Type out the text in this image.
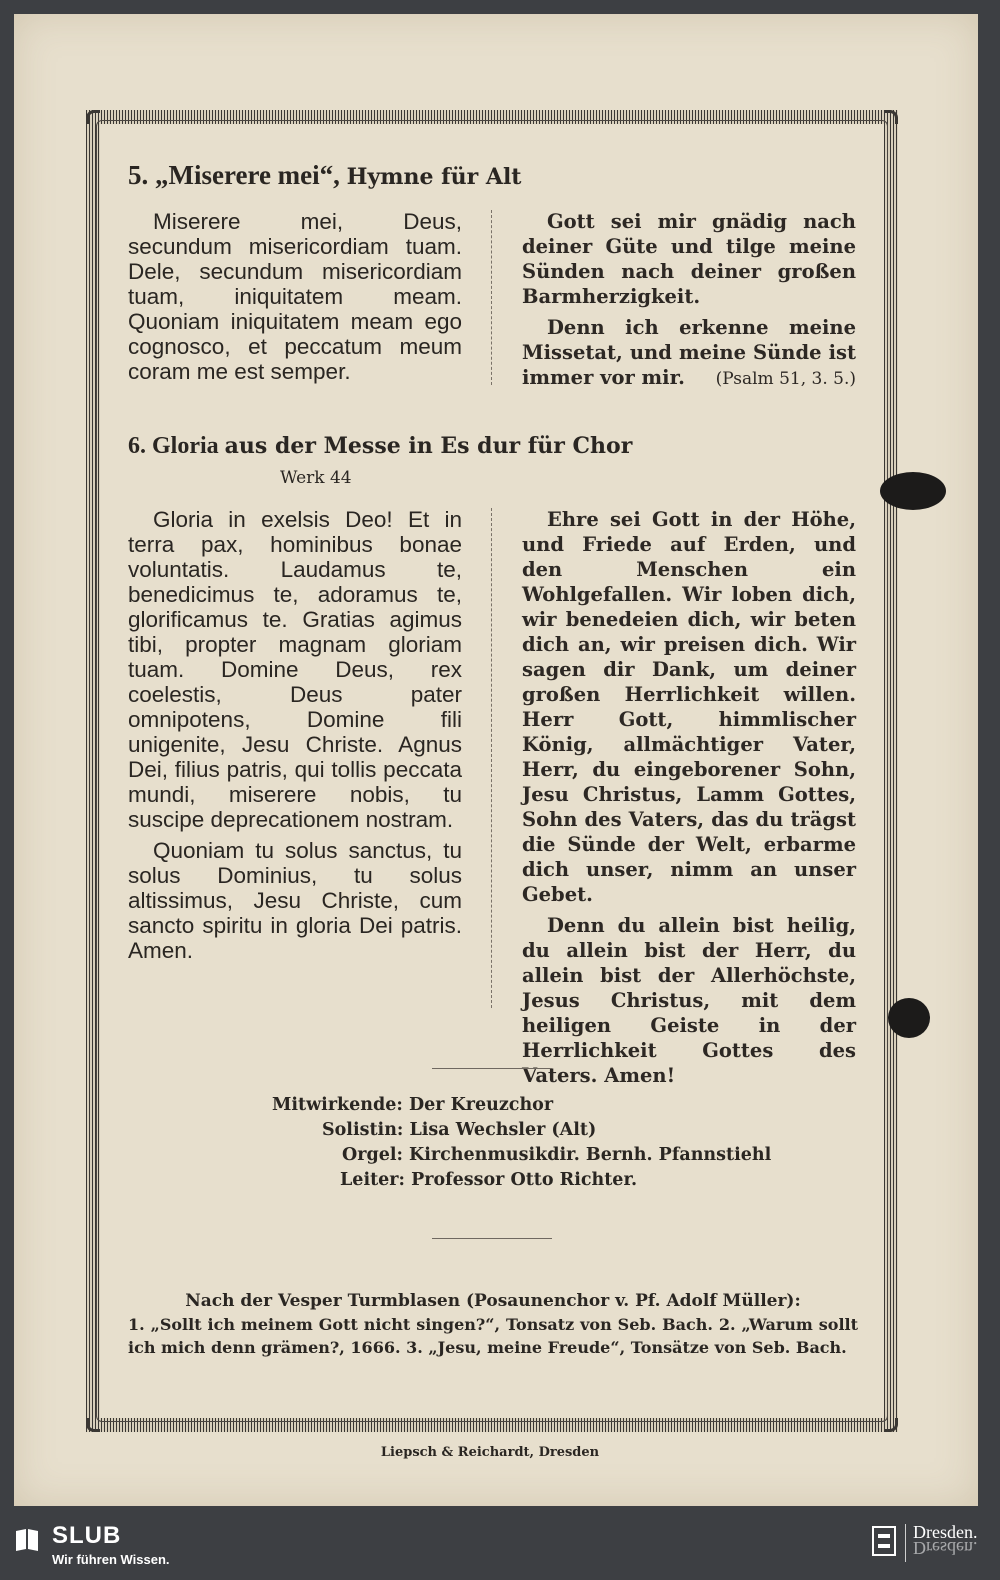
5. „Miserere mei“, Hymne für Alt

Miserere mei, Deus, secundum misericordiam tuam. Dele, secundum misericordiam tuam, iniquitatem meam. Quoniam iniquitatem meam ego cognosco, et peccatum meum coram me est semper.

Gott sei mir gnädig nach deiner Güte und tilge meine Sünden nach deiner großen Barmherzigkeit.

Denn ich erkenne meine Missetat, und meine Sünde ist immer vor mir.	(Psalm 51, 3. 5.)

6. Gloria aus der Messe in Es dur für Chor
Werk 44

Gloria in exelsis Deo! Et in terra pax, hominibus bonae voluntatis. Laudamus te, benedicimus te, adoramus te, glorificamus te. Gratias agimus tibi, propter magnam gloriam tuam. Domine Deus, rex coelestis, Deus pater omnipotens, Domine fili unigenite, Jesu Christe. Agnus Dei, filius patris, qui tollis peccata mundi, miserere nobis, tu suscipe deprecationem nostram.

Quoniam tu solus sanctus, tu solus Dominius, tu solus altissimus, Jesu Christe, cum sancto spiritu in gloria Dei patris. Amen.

Ehre sei Gott in der Höhe, und Friede auf Erden, und den Menschen ein Wohlgefallen. Wir loben dich, wir benedeien dich, wir beten dich an, wir preisen dich. Wir sagen dir Dank, um deiner großen Herrlichkeit willen. Herr Gott, himmlischer König, allmächtiger Vater, Herr, du eingeborener Sohn, Jesu Christus, Lamm Gottes, Sohn des Vaters, das du trägst die Sünde der Welt, erbarme dich unser, nimm an unser Gebet.

Denn du allein bist heilig, du allein bist der Herr, du allein bist der Allerhöchste, Jesus Christus, mit dem heiligen Geiste in der Herrlichkeit Gottes des Vaters. Amen!

Mitwirkende: Der Kreuzchor
Solistin: Lisa Wechsler (Alt)
Orgel: Kirchenmusikdir. Bernh. Pfannstiehl
Leiter: Professor Otto Richter.
Nach der Vesper Turmblasen (Posaunenchor v. Pf. Adolf Müller):
1. „Sollt ich meinem Gott nicht singen?“, Tonsatz von Seb. Bach. 2. „Warum sollt ich mich denn grämen?, 1666. 3. „Jesu, meine Freude“, Tonsätze von Seb. Bach.
Liepsch & Reichardt, Dresden
SLUB
Wir führen Wissen.
Dresden.
Dresden.
